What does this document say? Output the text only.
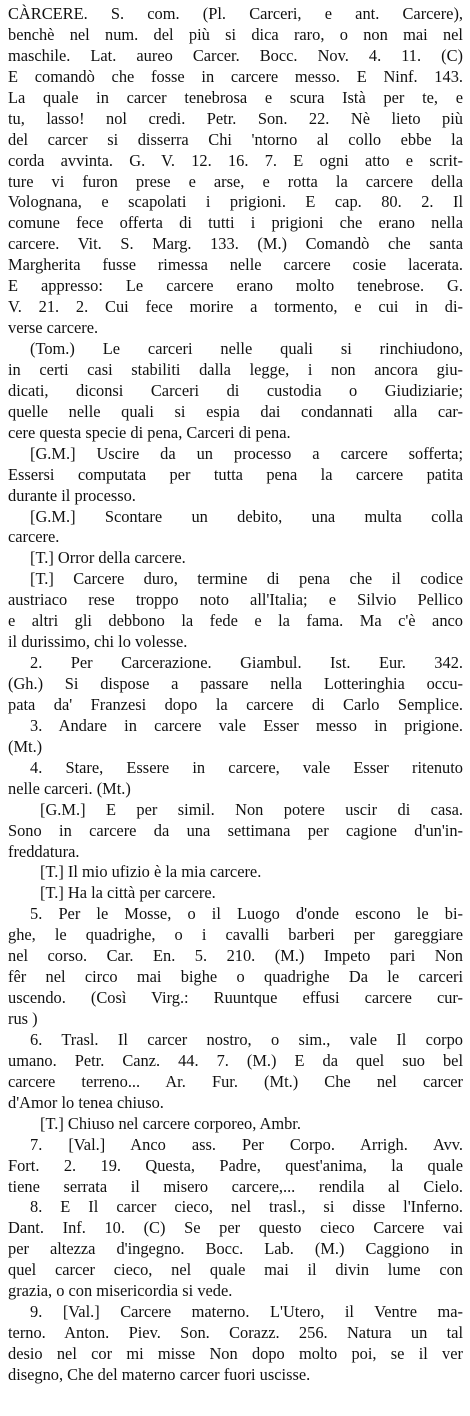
CÀRCERE. S. com. (Pl. Carceri, e ant. Carcere),
benchè nel num. del più si dica raro, o non mai nel
maschile. Lat. aureo Carcer. Bocc. Nov. 4. 11. (C)
E comandò che fosse in carcere messo. E Ninf. 143.
La quale in carcer tenebrosa e scura Istà per te, e
tu, lasso! nol credi. Petr. Son. 22. Nè lieto più
del carcer si disserra Chi 'ntorno al collo ebbe la
corda avvinta. G. V. 12. 16. 7. E ogni atto e scrit-
ture vi furon prese e arse, e rotta la carcere della
Volognana, e scapolati i prigioni. E cap. 80. 2. Il
comune fece offerta di tutti i prigioni che erano nella
carcere. Vit. S. Marg. 133. (M.) Comandò che santa
Margherita fusse rimessa nelle carcere cosie lacerata.
E appresso: Le carcere erano molto tenebrose. G.
V. 21. 2. Cui fece morire a tormento, e cui in di-
verse carcere.
(Tom.) Le carceri nelle quali si rinchiudono,
in certi casi stabiliti dalla legge, i non ancora giu-
dicati, diconsi Carceri di custodia o Giudiziarie;
quelle nelle quali si espia dai condannati alla car-
cere questa specie di pena, Carceri di pena.
[G.M.] Uscire da un processo a carcere sofferta;
Essersi computata per tutta pena la carcere patita
durante il processo.
[G.M.] Scontare un debito, una multa colla
carcere.
[T.] Orror della carcere.
[T.] Carcere duro, termine di pena che il codice
austriaco rese troppo noto all'Italia; e Silvio Pellico
e altri gli debbono la fede e la fama. Ma c'è anco
il durissimo, chi lo volesse.
2. Per Carcerazione. Giambul. Ist. Eur. 342.
(Gh.) Si dispose a passare nella Lotteringhia occu-
pata da' Franzesi dopo la carcere di Carlo Semplice.
3. Andare in carcere vale Esser messo in prigione.
(Mt.)
4. Stare, Essere in carcere, vale Esser ritenuto
nelle carceri. (Mt.)
[G.M.] E per simil. Non potere uscir di casa.
Sono in carcere da una settimana per cagione d'un'in-
freddatura.
[T.] Il mio ufizio è la mia carcere.
[T.] Ha la città per carcere.
5. Per le Mosse, o il Luogo d'onde escono le bi-
ghe, le quadrighe, o i cavalli barberi per gareggiare
nel corso. Car. En. 5. 210. (M.) Impeto pari Non
fêr nel circo mai bighe o quadrighe Da le carceri
uscendo. (Così Virg.: Ruuntque effusi carcere cur-
rus )
6. Trasl. Il carcer nostro, o sim., vale Il corpo
umano. Petr. Canz. 44. 7. (M.) E da quel suo bel
carcere terreno... Ar. Fur. (Mt.) Che nel carcer
d'Amor lo tenea chiuso.
[T.] Chiuso nel carcere corporeo, Ambr.
7. [Val.] Anco ass. Per Corpo. Arrigh. Avv.
Fort. 2. 19. Questa, Padre, quest'anima, la quale
tiene serrata il misero carcere,... rendila al Cielo.
8. E Il carcer cieco, nel trasl., si disse l'Inferno.
Dant. Inf. 10. (C) Se per questo cieco Carcere vai
per altezza d'ingegno. Bocc. Lab. (M.) Caggiono in
quel carcer cieco, nel quale mai il divin lume con
grazia, o con misericordia si vede.
9. [Val.] Carcere materno. L'Utero, il Ventre ma-
terno. Anton. Piev. Son. Corazz. 256. Natura un tal
desio nel cor mi misse Non dopo molto poi, se il ver
disegno, Che del materno carcer fuori uscisse.
